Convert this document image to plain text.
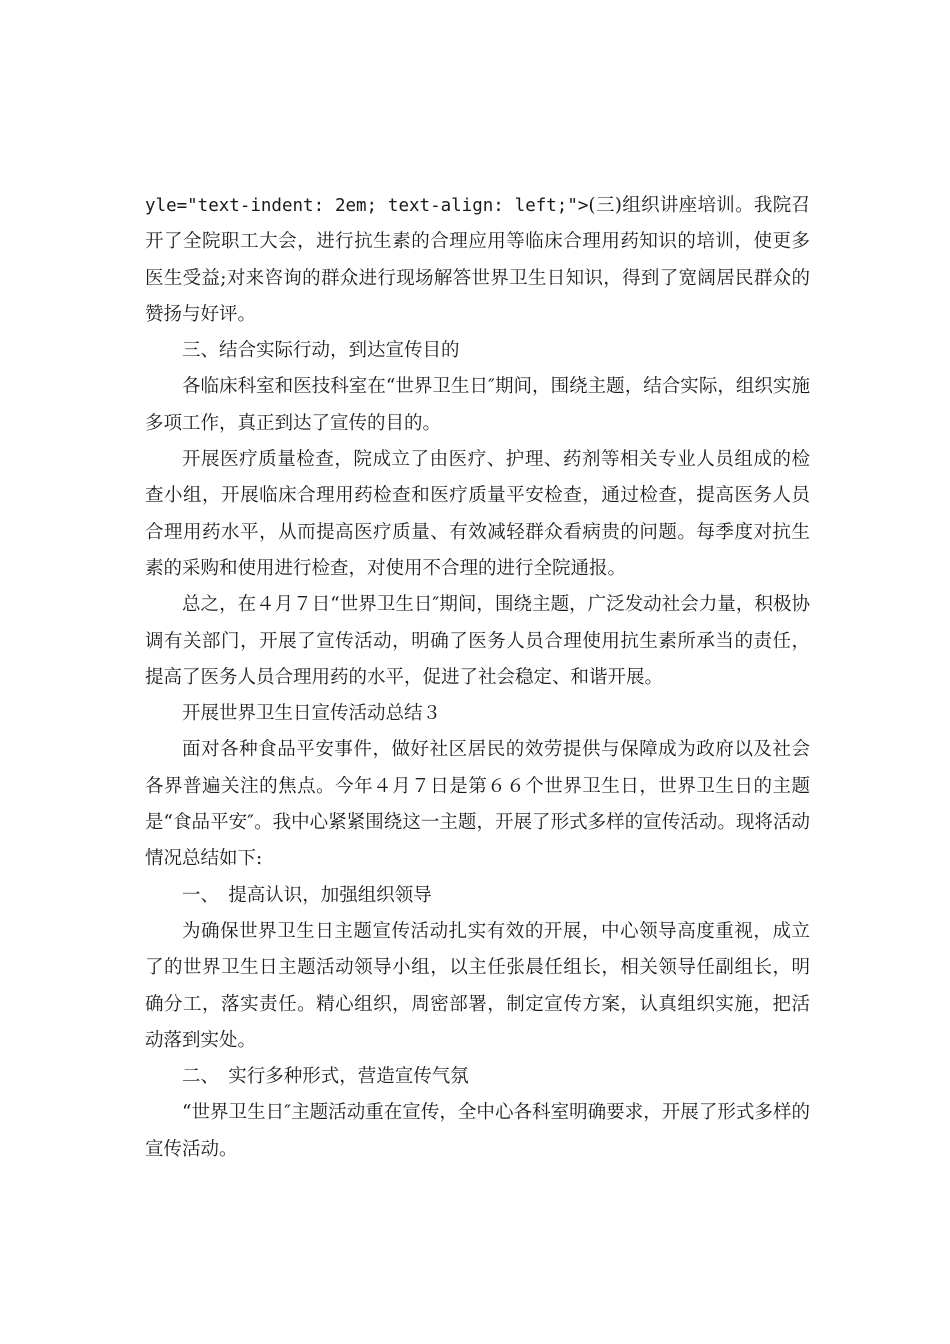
yle="text-indent: 2em; text-align: left;">(三)组织讲座培训。我院召开了全院职工大会，进行抗生素的合理应用等临床合理用药知识的培训，使更多医生受益;对来咨询的群众进行现场解答世界卫生日知识，得到了宽阔居民群众的赞扬与好评。

三、结合实际行动，到达宣传目的

各临床科室和医技科室在“世界卫生日″期间，围绕主题，结合实际，组织实施多项工作，真正到达了宣传的目的。

开展医疗质量检查，院成立了由医疗、护理、药剂等相关专业人员组成的检查小组，开展临床合理用药检查和医疗质量平安检查，通过检查，提高医务人员合理用药水平，从而提高医疗质量、有效减轻群众看病贵的问题。每季度对抗生素的采购和使用进行检查，对使用不合理的进行全院通报。

总之，在４月７日“世界卫生日″期间，围绕主题，广泛发动社会力量，积极协调有关部门，开展了宣传活动，明确了医务人员合理使用抗生素所承当的责任，提高了医务人员合理用药的水平，促进了社会稳定、和谐开展。

开展世界卫生日宣传活动总结３

面对各种食品平安事件，做好社区居民的效劳提供与保障成为政府以及社会各界普遍关注的焦点。今年４月７日是第６６个世界卫生日，世界卫生日的主题是“食品平安″。我中心紧紧围绕这一主题，开展了形式多样的宣传活动。现将活动情况总结如下:

一、　提高认识，加强组织领导

为确保世界卫生日主题宣传活动扎实有效的开展，中心领导高度重视，成立了的世界卫生日主题活动领导小组，以主任张晨任组长，相关领导任副组长，明确分工，落实责任。精心组织，周密部署，制定宣传方案，认真组织实施，把活动落到实处。

二、　实行多种形式，营造宣传气氛

“世界卫生日″主题活动重在宣传，全中心各科室明确要求，开展了形式多样的宣传活动。
